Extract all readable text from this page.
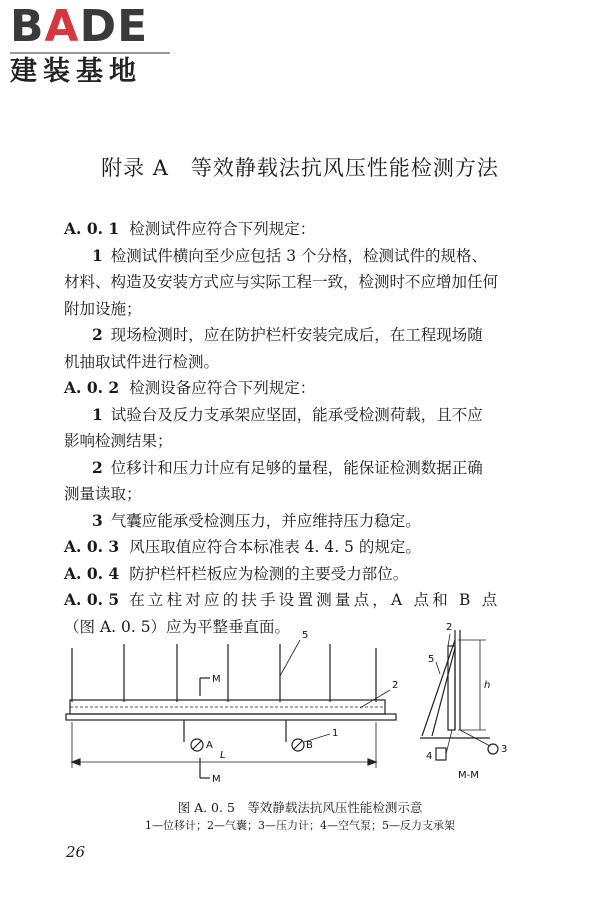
BADE
建装基地
附录 A　等效静载法抗风压性能检测方法
A. 0. 1 检测试件应符合下列规定：
1 检测试件横向至少应包括 3 个分格，检测试件的规格、
材料、构造及安装方式应与实际工程一致，检测时不应增加任何
附加设施；
2 现场检测时，应在防护栏杆安装完成后，在工程现场随
机抽取试件进行检测。
A. 0. 2 检测设备应符合下列规定：
1 试验台及反力支承架应坚固，能承受检测荷载，且不应
影响检测结果；
2 位移计和压力计应有足够的量程，能保证检测数据正确
测量读取；
3 气囊应能承受检测压力，并应维持压力稳定。
A. 0. 3 风压取值应符合本标准表 4. 4. 5 的规定。
A. 0. 4 防护栏杆栏板应为检测的主要受力部位。
A. 0. 5 在立柱对应的扶手设置测量点，A 点和 B 点
（图 A. 0. 5）应为平整垂直面。
M
M
L
A	B
1
2
5
2
3
4
5
h
M-M
图 A. 0. 5　等效静载法抗风压性能检测示意
1—位移计；2—气囊；3—压力计；4—空气泵；5—反力支承架
26
